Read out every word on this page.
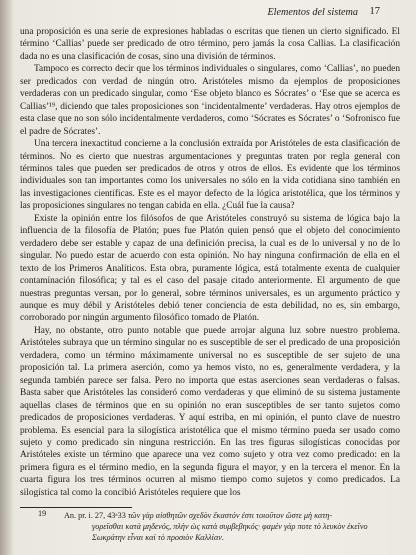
Elementos del sistema 17

una proposición es una serie de expresiones habladas o escritas que tienen un cierto significado. El término ‘Callias’ puede ser predicado de otro término, pero jamás la cosa Callias. La clasificación dada no es una clasificación de cosas, sino una división de términos.

Tampoco es correcto decir que los términos individuales o singulares, como ‘Callias’, no pueden ser predicados con verdad de ningún otro. Aristóteles mismo da ejemplos de proposiciones verdaderas con un predicado singular, como ‘Ese objeto blanco es Sócrates’ o ‘Ese que se acerca es Callias’¹⁹, diciendo que tales proposiciones son ‘incidentalmente’ verdaderas. Hay otros ejemplos de esta clase que no son sólo incidentalmente verdaderos, como ‘Sócrates es Sócrates’ o ‘Sofronisco fue el padre de Sócrates’.

Una tercera inexactitud concierne a la conclusión extraída por Aristóteles de esta clasificación de términos. No es cierto que nuestras argumentaciones y preguntas traten por regla general con términos tales que pueden ser predicados de otros y otros de ellos. Es evidente que los términos individuales son tan importantes como los universales no sólo en la vida cotidiana sino también en las investigaciones científicas. Este es el mayor defecto de la lógica aristotélica, que los términos y las proposiciones singulares no tengan cabida en ella. ¿Cuál fue la causa?

Existe la opinión entre los filósofos de que Aristóteles construyó su sistema de lógica bajo la influencia de la filosofía de Platón; pues fue Platón quien pensó que el objeto del conocimiento verdadero debe ser estable y capaz de una definición precisa, la cual es de lo universal y no de lo singular. No puedo estar de acuerdo con esta opinión. No hay ninguna confirmación de ella en el texto de los Primeros Analíticos. Esta obra, puramente lógica, está totalmente exenta de cualquier contaminación filosófica; y tal es el caso del pasaje citado anteriormente. El argumento de que nuestras preguntas versan, por lo general, sobre términos universales, es un argumento práctico y aunque es muy débil y Aristóteles debió tener conciencia de esta debilidad, no es, sin embargo, corroborado por ningún argumento filosófico tomado de Platón.

Hay, no obstante, otro punto notable que puede arrojar alguna luz sobre nuestro problema. Aristóteles subraya que un término singular no es susceptible de ser el predicado de una proposición verdadera, como un término máximamente universal no es susceptible de ser sujeto de una proposición tal. La primera aserción, como ya hemos visto, no es, generalmente verdadera, y la segunda también parece ser falsa. Pero no importa que estas aserciones sean verdaderas o falsas. Basta saber que Aristóteles las consideró como verdaderas y que eliminó de su sistema justamente aquellas clases de términos que en su opinión no eran susceptibles de ser tanto sujetos como predicados de proposiciones verdaderas. Y aquí estriba, en mi opinión, el punto clave de nuestro problema. Es esencial para la silogística aristotélica que el mismo término pueda ser usado como sujeto y como predicado sin ninguna restricción. En las tres figuras silogísticas conocidas por Aristóteles existe un término que aparece una vez como sujeto y otra vez como predicado: en la primera figura es el término medio, en la segunda figura el mayor, y en la tercera el menor. En la cuarta figura los tres términos ocurren al mismo tiempo como sujetos y como predicados. La silogística tal como la concibió Aristóteles requiere que los

19	An. pr. i. 27, 43ᵃ33 τῶν γὰρ αἰσθητῶν σχεδὸν ἕκαστόν ἐστι τοιοῦτον ὥστε μὴ κατη-
γορεῖσθαι κατὰ μηδενός, πλὴν ὡς κατὰ συμβεβηκός· φαμὲν γάρ ποτε τὸ λευκὸν ἐκεῖνο Σωκράτην εἶναι καὶ τὸ προσιὸν Καλλίαν.
